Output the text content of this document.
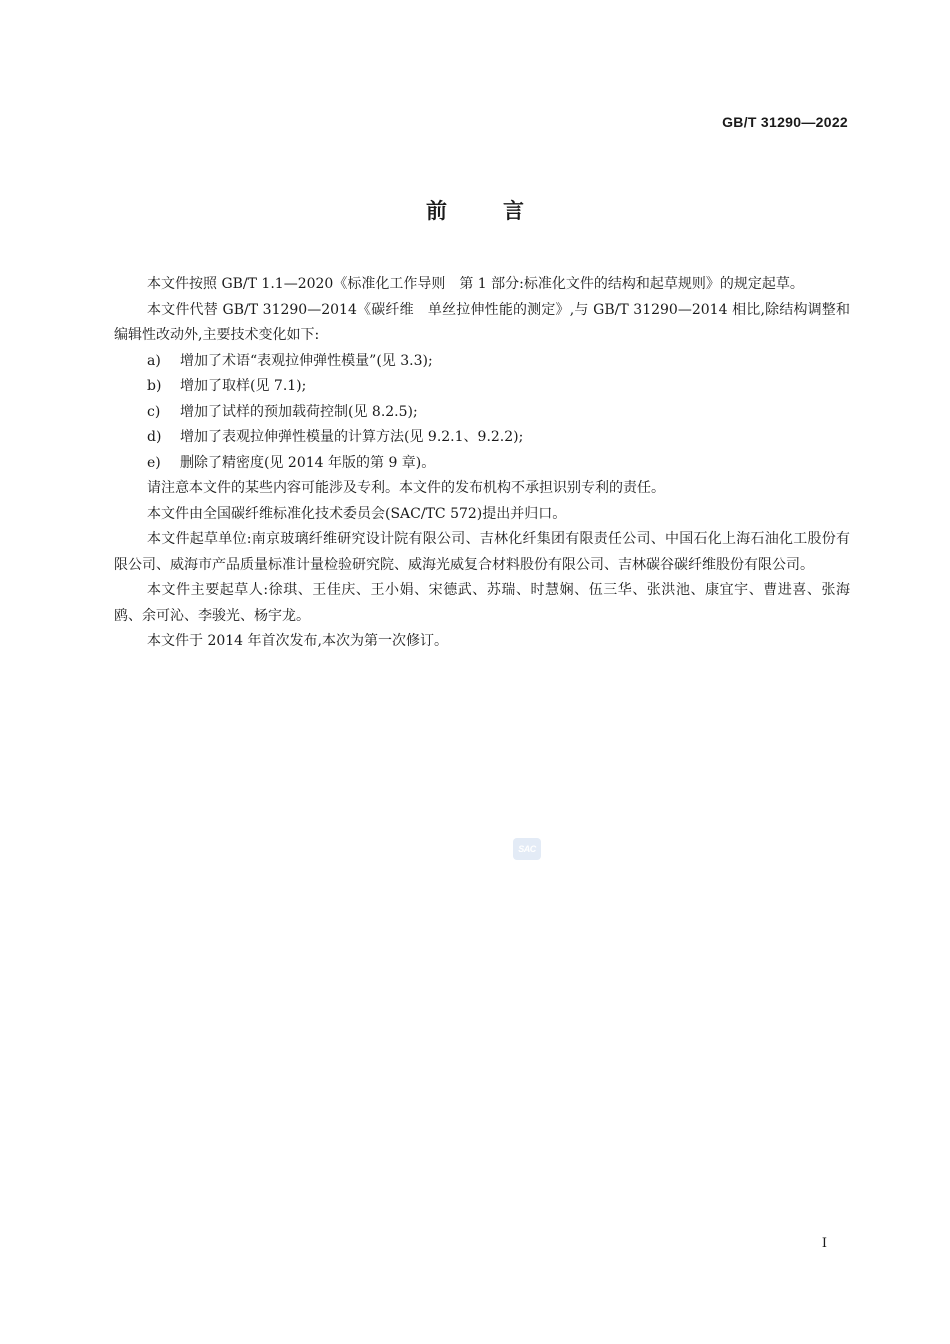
GB/T 31290—2022
前言

本文件按照 GB/T 1.1—2020《标准化工作导则　第 1 部分:标准化文件的结构和起草规则》的规定起草。

本文件代替 GB/T 31290—2014《碳纤维　单丝拉伸性能的测定》,与 GB/T 31290—2014 相比,除结构调整和编辑性改动外,主要技术变化如下:

a)	增加了术语“表观拉伸弹性模量”(见 3.3);
b)	增加了取样(见 7.1);
c)	增加了试样的预加载荷控制(见 8.2.5);
d)	增加了表观拉伸弹性模量的计算方法(见 9.2.1、9.2.2);
e)	删除了精密度(见 2014 年版的第 9 章)。

请注意本文件的某些内容可能涉及专利。本文件的发布机构不承担识别专利的责任。

本文件由全国碳纤维标准化技术委员会(SAC/TC 572)提出并归口。

本文件起草单位:南京玻璃纤维研究设计院有限公司、吉林化纤集团有限责任公司、中国石化上海石油化工股份有限公司、威海市产品质量标准计量检验研究院、威海光威复合材料股份有限公司、吉林碳谷碳纤维股份有限公司。

本文件主要起草人:徐琪、王佳庆、王小娟、宋德武、苏瑞、时慧娴、伍三华、张洪池、康宜宇、曹进喜、张海鸥、余可沁、李骏光、杨宇龙。

本文件于 2014 年首次发布,本次为第一次修订。

SAC
I
